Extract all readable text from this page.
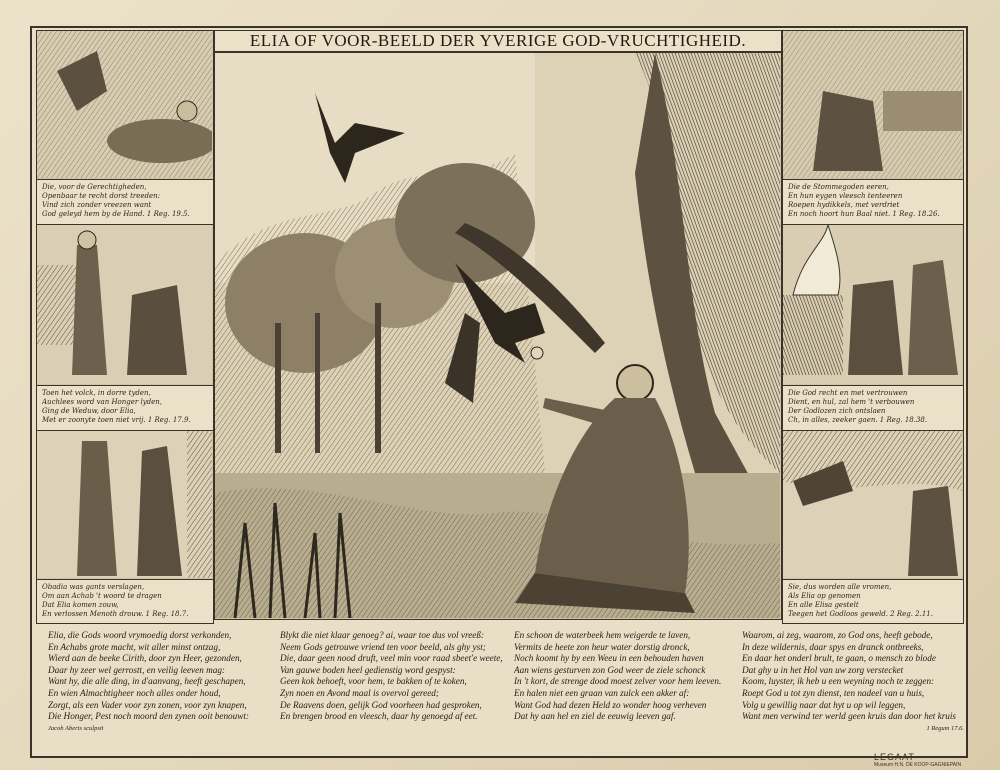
ELIA OF VOOR-BEELD DER YVERIGE GOD-VRUCHTIGHEID.
Die, voor de Gerechtigheden,
Openbaar te recht dorst treeden:
Vind zich zonder vreezen want
God geleyd hem by de Hand. 1 Reg. 19.5.
Toen het volck, in dorre tyden,
Auchlees word van Honger lyden,
Ging de Weduw, door Elia,
Met er zoonyte toen niet vrij. 1 Reg. 17.9.
Obadia was gants verslagen,
Om aan Achab 't woord te dragen
Dat Elia komen zouw,
En verlossen Menoth drouw. 1 Reg. 18.7.
Die de Stommegoden eeren,
En hun eygen vleesch tenteeren
Roepen hydikkels, met verdriet
En noch hoort hun Baal niet. 1 Reg. 18.26.
Die God recht en met vertrouwen
Dient, en hul, zal hem 't verbouwen
Der Godlozen zich ontslaen
Ch, in alles, zeeker gaen. 1 Reg. 18.38.
Sie, dus worden alle vromen,
Als Elia op genomen
En alle Elisa gestelt
Teegen het Godloos geweld. 2 Reg. 2.11.
Elia, die Gods woord vrymoedig dorst verkonden,
En Achabs grote macht, wit aller minst ontzag,
Wierd aan de beeke Cirith, door zyn Heer, gezonden,
Daar hy zeer wel gerrostt, en veilig leeven mag:
Want hy, die alle ding, in d'aanvang, heeft geschapen,
En wien Almachtigheer noch alles onder houd,
Zorgt, als een Vader voor zyn zonen, voor zyn knapen,
Die Honger, Pest noch moord den zynen ooit benouwt:
Jacob Aberts sculpsit
Blykt die niet klaar genoeg? ai, waar toe dus vol vreeß:
Neem Gods getrouwe vriend ten voor beeld, als ghy yst;
Die, daar geen nood druft, veel min voor raad sbeet'e weete,
Van gauwe boden heel gedienstig word gespyst:
Geen kok behoeft, voor hem, te bakken of te koken,
Zyn noen en Avond maal is overvol gereed;
De Raavens doen, gelijk God voorheen had gesproken,
En brengen brood en vleesch, daar hy genoegd af eet.
En schoon de waterbeek hem weigerde te laven,
Vermits de heete zon heur water dorstig dronck,
Noch koomt hy by een Weeu in een behouden haven
Aan wiens gesturven zon God weer de ziele schonck
In 't kort, de strenge dood moest zelver voor hem leeven.
En halen niet een graan van zulck een akker af:
Want God had dezen Held zo wonder hoog verheven
Dat hy aan hel en ziel de eeuwig leeven gaf.
Waarom, ai zeg, waarom, zo God ons, heeft gebode,
In deze wildernis, daar spys en dranck ontbreeks,
En daar het onderl brult, te gaan, o mensch zo blode
Dat ghy u in het Hol van uw zorg verstecket
Koom, luyster, ik heb u een weyning noch te zeggen:
Roept God u tot zyn dienst, ten nadeel van u huis,
Volg u gewillig naar dat hyt u op wil leggen,
Want men verwind ter werld geen kruis dan door het kruis
1 Regum 17.6.
LEGAAT
Museum H.N. DE KOOP-GAGNIEPAIN
